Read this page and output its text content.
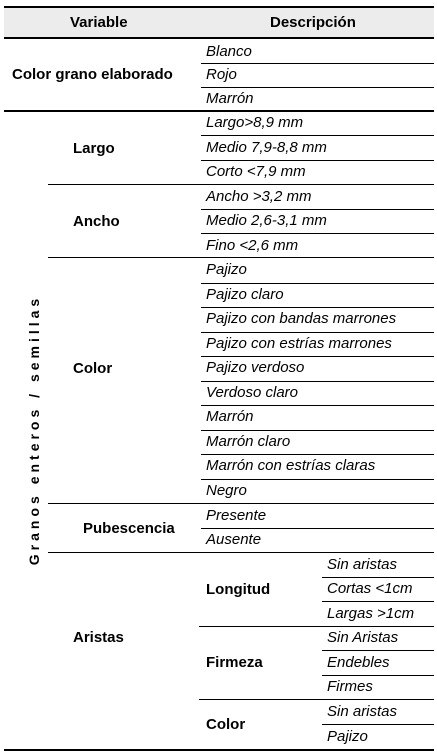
Variable	Descripción
Color grano elaborado
Blanco
Rojo
Marrón
Granos enteros / semillas
Largo
Largo>8,9 mm
Medio 7,9-8,8 mm
Corto <7,9 mm
Ancho
Ancho >3,2 mm
Medio 2,6-3,1 mm
Fino <2,6 mm
Color
Pajizo
Pajizo claro
Pajizo con bandas marrones
Pajizo con estrías marrones
Pajizo verdoso
Verdoso claro
Marrón
Marrón claro
Marrón con estrías claras
Negro
Pubescencia
Presente
Ausente
Aristas
Longitud
Sin aristas
Cortas <1cm
Largas >1cm
Firmeza
Sin Aristas
Endebles
Firmes
Color
Sin aristas
Pajizo
